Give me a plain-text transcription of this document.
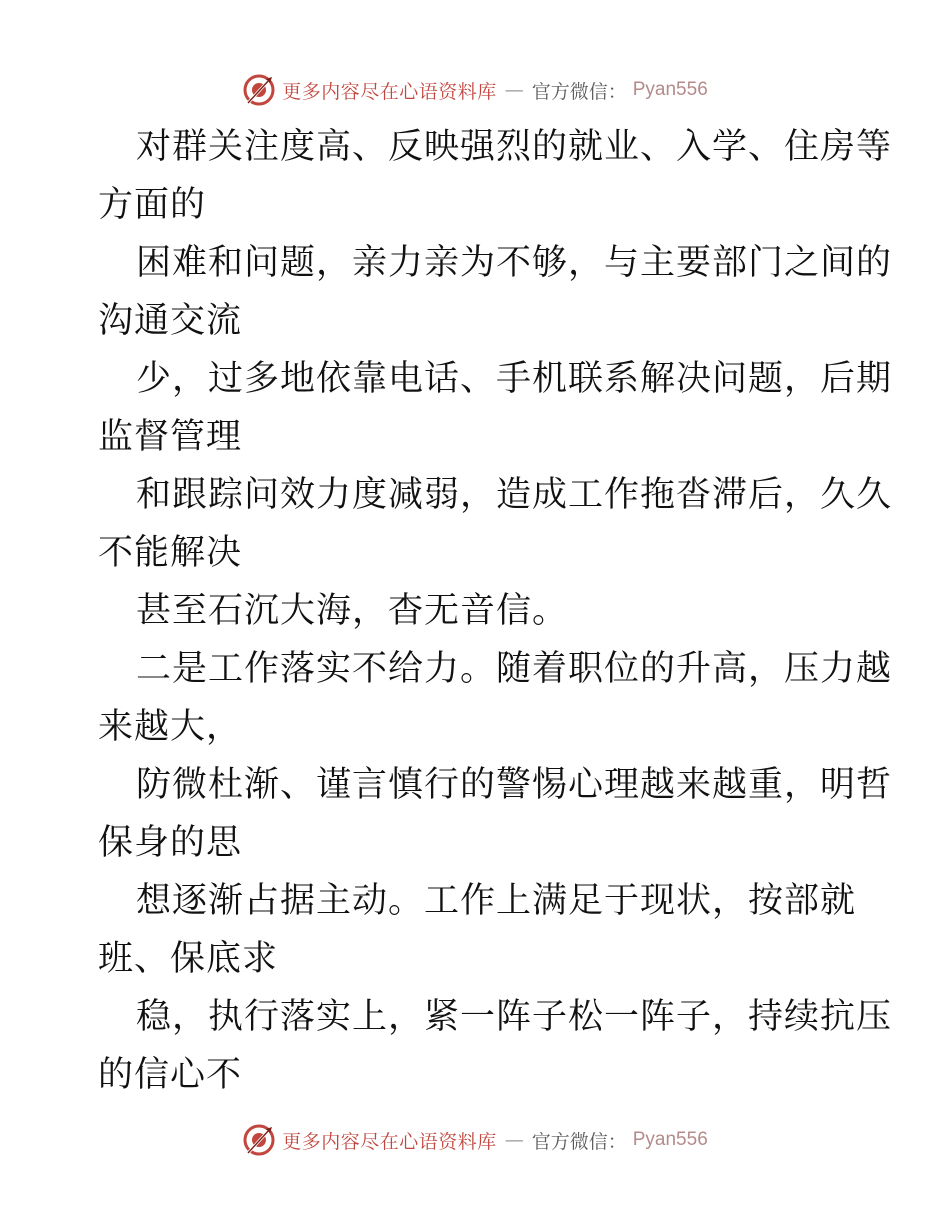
更多内容尽在心语资料库 — 官方微信： Pyan556
对群关注度高、反映强烈的就业、入学、住房等
方面的
困难和问题，亲力亲为不够，与主要部门之间的
沟通交流
少，过多地依靠电话、手机联系解决问题，后期
监督管理
和跟踪问效力度减弱，造成工作拖沓滞后，久久
不能解决
甚至石沉大海，杳无音信。
二是工作落实不给力。随着职位的升高，压力越
来越大，
防微杜渐、谨言慎行的警惕心理越来越重，明哲
保身的思
想逐渐占据主动。工作上满足于现状，按部就
班、保底求
稳，执行落实上，紧一阵子松一阵子，持续抗压
的信心不
更多内容尽在心语资料库 — 官方微信： Pyan556
